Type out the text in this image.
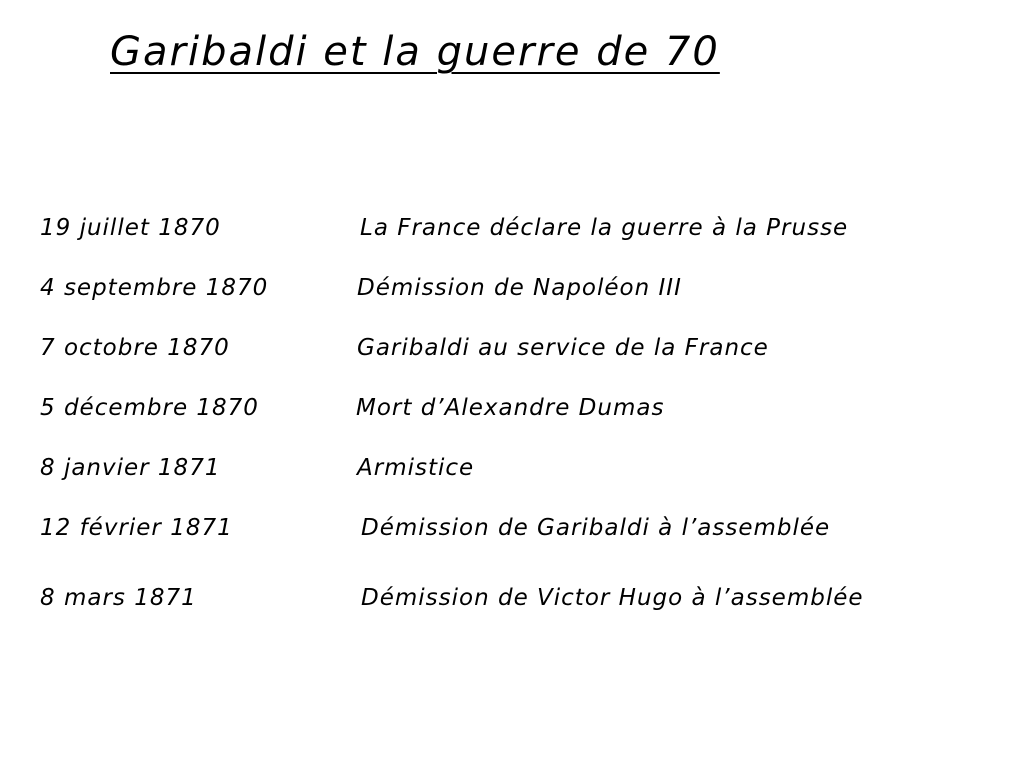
Garibaldi et la guerre de 70
19 juillet 1870	La France déclare la guerre à la Prusse
4 septembre 1870	Démission de Napoléon III
7 octobre 1870	Garibaldi au service de la France
5 décembre 1870	Mort d’Alexandre Dumas
8 janvier 1871	Armistice
12 février 1871	Démission de Garibaldi à l’assemblée
8 mars 1871	Démission de Victor Hugo à l’assemblée
